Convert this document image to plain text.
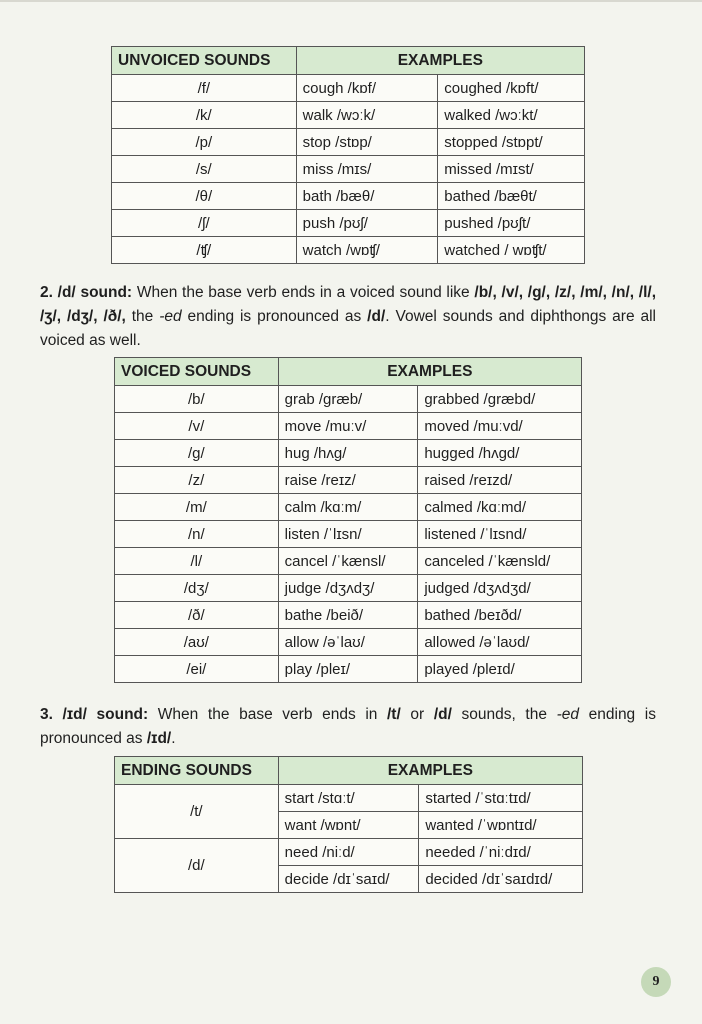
UNVOICED SOUNDS	EXAMPLES	
/f/	cough /kɒf/	coughed /kɒft/
/k/	walk /wɔːk/	walked /wɔːkt/
/p/	stop /stɒp/	stopped /stɒpt/
/s/	miss /mɪs/	missed /mɪst/
/θ/	bath /bæθ/	bathed /bæθt/
/ʃ/	push /pʊʃ/	pushed /pʊʃt/
/ʧ/	watch /wɒʧ/	watched / wɒʧt/
2. /d/ sound: When the base verb ends in a voiced sound like /b/, /v/, /g/, /z/, /m/, /n/, /l/, /ʒ/, /dʒ/, /ð/, the -ed ending is pronounced as /d/. Vowel sounds and diphthongs are all voiced as well.
VOICED SOUNDS	EXAMPLES	
/b/	grab /græb/	grabbed /græbd/
/v/	move /muːv/	moved /muːvd/
/g/	hug /hʌg/	hugged /hʌgd/
/z/	raise /reɪz/	raised /reɪzd/
/m/	calm /kɑːm/	calmed /kɑːmd/
/n/	listen /ˈlɪsn/	listened /ˈlɪsnd/
/l/	cancel /ˈkænsl/	canceled /ˈkænsld/
/dʒ/	judge /dʒʌdʒ/	judged /dʒʌdʒd/
/ð/	bathe /beið/	bathed /beɪðd/
/aʊ/	allow /əˈlaʊ/	allowed /əˈlaʊd/
/ei/	play /pleɪ/	played /pleɪd/
3. /ɪd/ sound: When the base verb ends in /t/ or /d/ sounds, the -ed ending is pronounced as /ɪd/.
ENDING SOUNDS	EXAMPLES	
/t/	start /stɑːt/	started /ˈstɑːtɪd/
	want /wɒnt/	wanted /ˈwɒntɪd/
/d/	need /niːd/	needed /ˈniːdɪd/
	decide /dɪˈsaɪd/	decided /dɪˈsaɪdɪd/
9
